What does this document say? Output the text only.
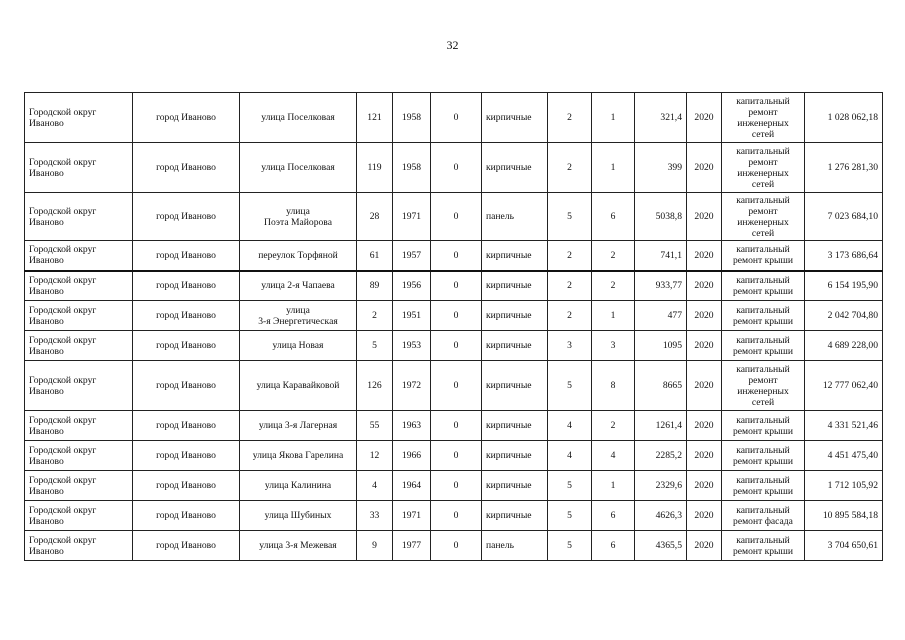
32
Городской округ Иваново	город Иваново	улица Поселковая	121	1958	0	кирпичные	2	1	321,4	2020	капитальный
ремонт
инженерных
сетей	1 028 062,18
Городской округ Иваново	город Иваново	улица Поселковая	119	1958	0	кирпичные	2	1	399	2020	капитальный
ремонт
инженерных
сетей	1 276 281,30
Городской округ Иваново	город Иваново	улица
Поэта Майорова	28	1971	0	панель	5	6	5038,8	2020	капитальный
ремонт
инженерных
сетей	7 023 684,10
Городской округ Иваново	город Иваново	переулок Торфяной	61	1957	0	кирпичные	2	2	741,1	2020	капитальный
ремонт крыши	3 173 686,64
Городской округ Иваново	город Иваново	улица 2-я Чапаева	89	1956	0	кирпичные	2	2	933,77	2020	капитальный
ремонт крыши	6 154 195,90
Городской округ Иваново	город Иваново	улица
3-я Энергетическая	2	1951	0	кирпичные	2	1	477	2020	капитальный
ремонт крыши	2 042 704,80
Городской округ Иваново	город Иваново	улица Новая	5	1953	0	кирпичные	3	3	1095	2020	капитальный
ремонт крыши	4 689 228,00
Городской округ Иваново	город Иваново	улица Каравайковой	126	1972	0	кирпичные	5	8	8665	2020	капитальный
ремонт
инженерных
сетей	12 777 062,40
Городской округ Иваново	город Иваново	улица 3-я Лагерная	55	1963	0	кирпичные	4	2	1261,4	2020	капитальный
ремонт крыши	4 331 521,46
Городской округ Иваново	город Иваново	улица Якова Гарелина	12	1966	0	кирпичные	4	4	2285,2	2020	капитальный
ремонт крыши	4 451 475,40
Городской округ Иваново	город Иваново	улица Калинина	4	1964	0	кирпичные	5	1	2329,6	2020	капитальный
ремонт крыши	1 712 105,92
Городской округ Иваново	город Иваново	улица Шубиных	33	1971	0	кирпичные	5	6	4626,3	2020	капитальный
ремонт фасада	10 895 584,18
Городской округ Иваново	город Иваново	улица 3-я Межевая	9	1977	0	панель	5	6	4365,5	2020	капитальный
ремонт крыши	3 704 650,61
